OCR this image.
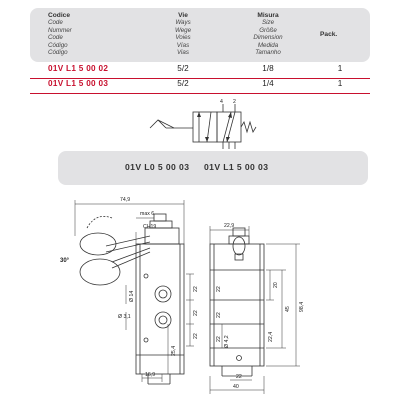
Codice
Code
Nummer
Code
Código
Código
Vie
Ways
Wege
Voies
Vías
Vias
Misura
Size
Größe
Dimension
Medida
Tamanho
Pack.
01V L1 5 00 02	5/2	1/8	1
01V L1 5 00 03	5/2	1/4	1
4 2
01V L0 5 00 03 01V L1 5 00 03
74,9
max 6
CH19
30°
Ø 14
Ø 3,1
22
22
22
25,4
16,9
22,9
20
45 98,4
22,4
Ø 4,2
22
22
22
22
40
